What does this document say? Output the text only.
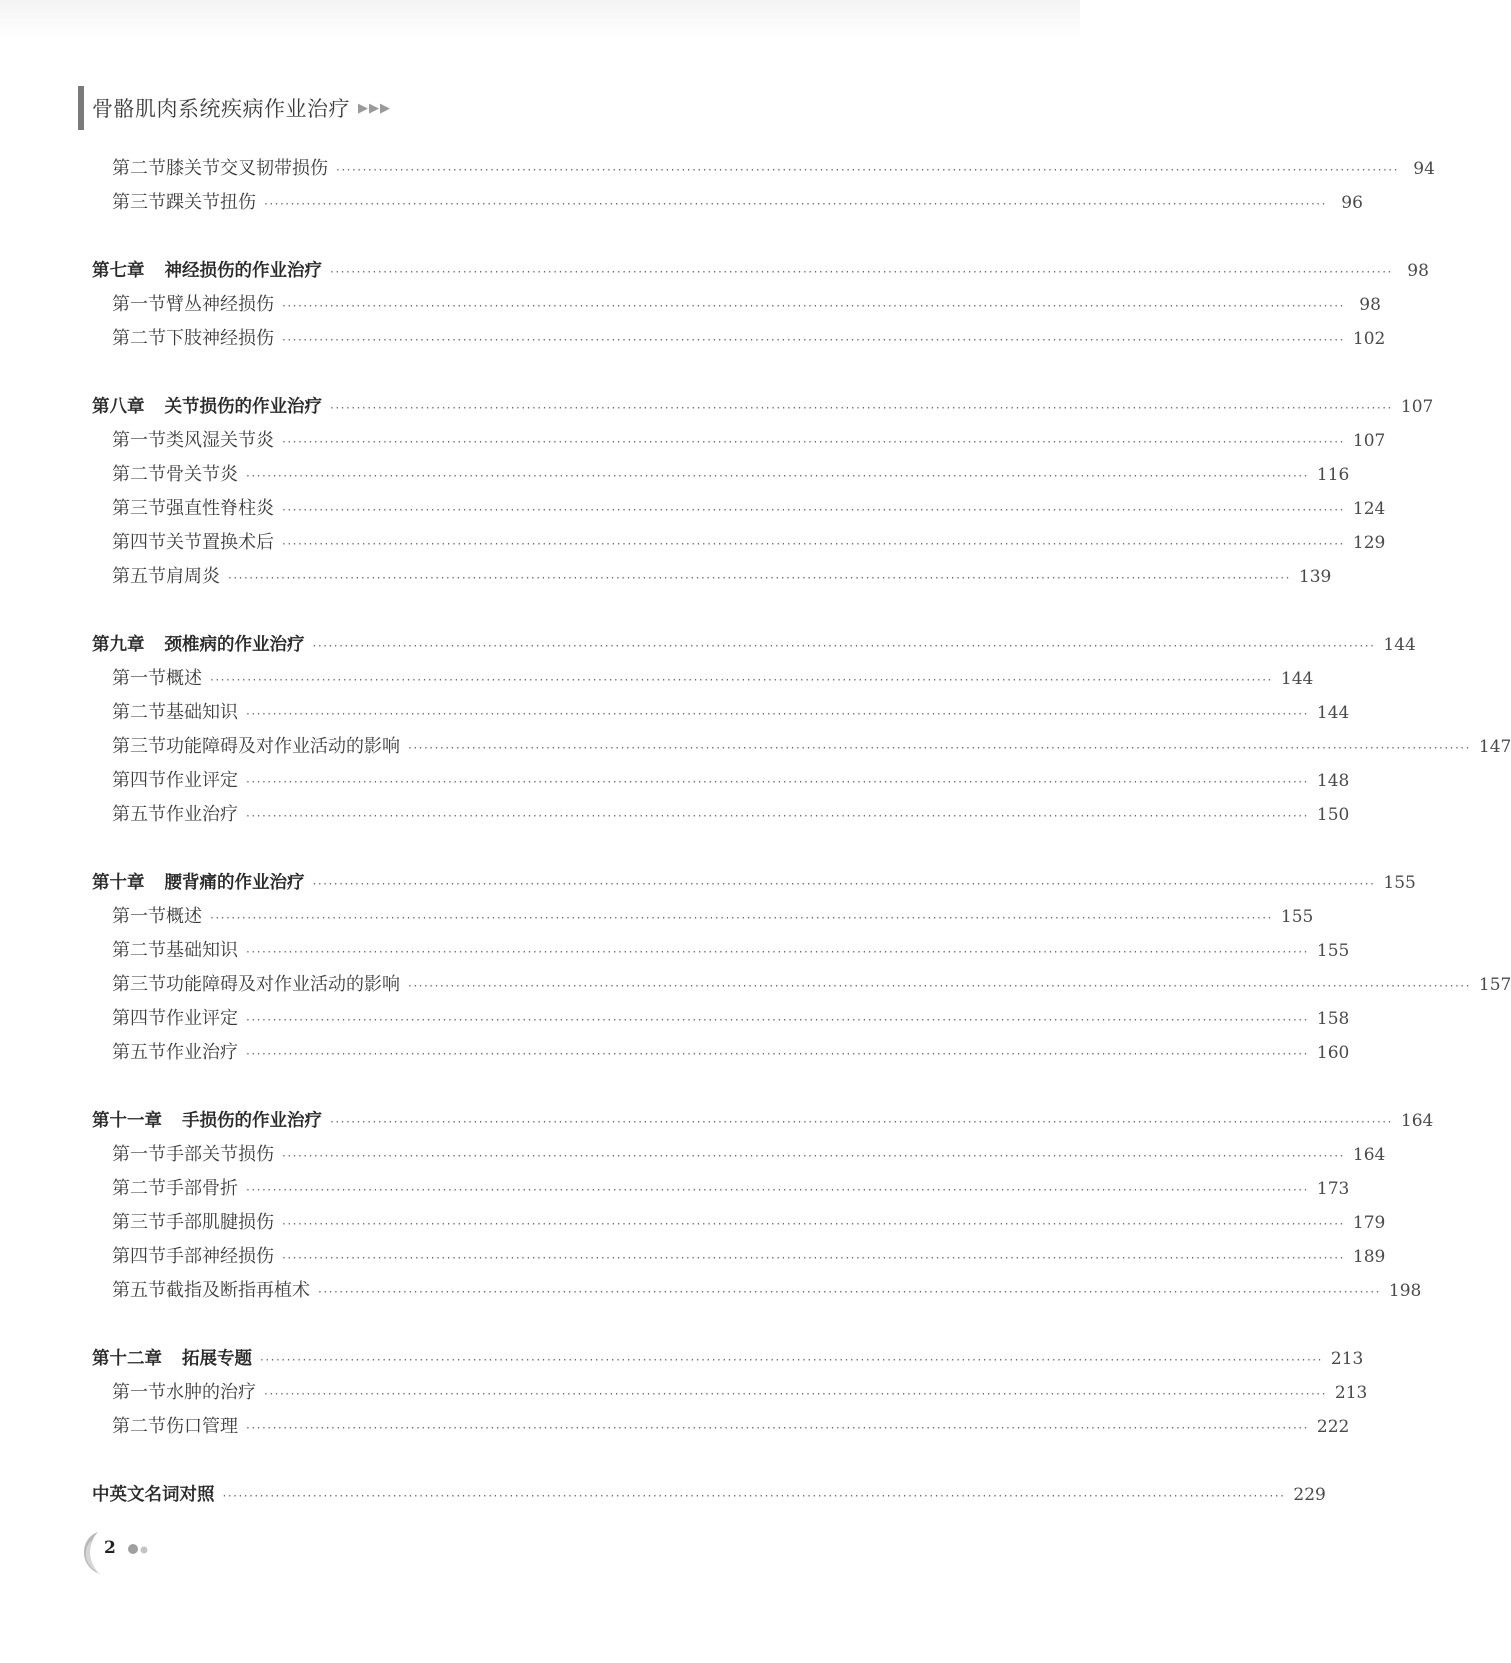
骨骼肌肉系统疾病作业治疗 ▶▶▶
第二节 膝关节交叉韧带损伤 ········································································································································································································ 94
第三节 踝关节扭伤 ········································································································································································································ 96
第七章 神经损伤的作业治疗 ········································································································································································································ 98
第一节 臂丛神经损伤 ········································································································································································································ 98
第二节 下肢神经损伤 ········································································································································································································ 102
第八章 关节损伤的作业治疗 ········································································································································································································ 107
第一节 类风湿关节炎 ········································································································································································································ 107
第二节 骨关节炎 ········································································································································································································ 116
第三节 强直性脊柱炎 ········································································································································································································ 124
第四节 关节置换术后 ········································································································································································································ 129
第五节 肩周炎 ········································································································································································································ 139
第九章 颈椎病的作业治疗 ········································································································································································································ 144
第一节 概述 ········································································································································································································ 144
第二节 基础知识 ········································································································································································································ 144
第三节 功能障碍及对作业活动的影响 ········································································································································································································ 147
第四节 作业评定 ········································································································································································································ 148
第五节 作业治疗 ········································································································································································································ 150
第十章 腰背痛的作业治疗 ········································································································································································································ 155
第一节 概述 ········································································································································································································ 155
第二节 基础知识 ········································································································································································································ 155
第三节 功能障碍及对作业活动的影响 ········································································································································································································ 157
第四节 作业评定 ········································································································································································································ 158
第五节 作业治疗 ········································································································································································································ 160
第十一章 手损伤的作业治疗 ········································································································································································································ 164
第一节 手部关节损伤 ········································································································································································································ 164
第二节 手部骨折 ········································································································································································································ 173
第三节 手部肌腱损伤 ········································································································································································································ 179
第四节 手部神经损伤 ········································································································································································································ 189
第五节 截指及断指再植术 ········································································································································································································ 198
第十二章 拓展专题 ········································································································································································································ 213
第一节 水肿的治疗 ········································································································································································································ 213
第二节 伤口管理 ········································································································································································································ 222
中英文名词对照 ········································································································································································································ 229
2
